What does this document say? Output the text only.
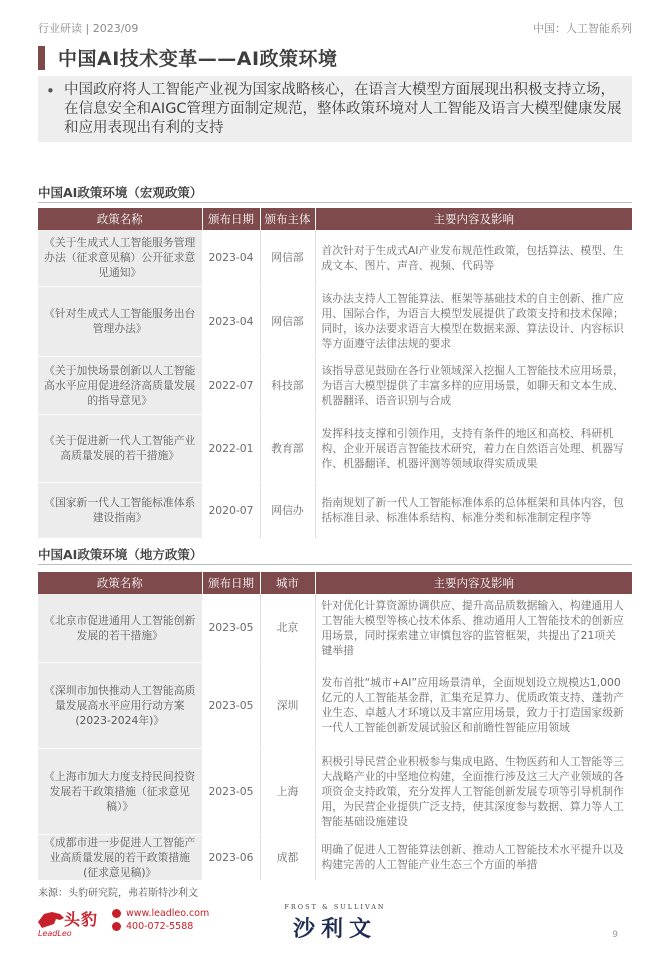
行业研读 | 2023/09	中国：人工智能系列
中国AI技术变革——AI政策环境
• 中国政府将人工智能产业视为国家战略核心，在语言大模型方面展现出积极支持立场，在信息安全和AIGC管理方面制定规范，整体政策环境对人工智能及语言大模型健康发展和应用表现出有利的支持
中国AI政策环境（宏观政策）
政策名称	颁布日期	颁布主体	主要内容及影响
《关于生成式人工智能服务管理办法（征求意见稿）公开征求意见通知》	2023-04	网信部	首次针对于生成式AI产业发布规范性政策，包括算法、模型、生成文本、图片、声音、视频、代码等
《针对生成式人工智能服务出台管理办法》	2023-04	网信部	该办法支持人工智能算法、框架等基础技术的自主创新、推广应用、国际合作，为语言大模型发展提供了政策支持和技术保障；同时，该办法要求语言大模型在数据来源、算法设计、内容标识等方面遵守法律法规的要求
《关于加快场景创新以人工智能高水平应用促进经济高质量发展的指导意见》	2022-07	科技部	该指导意见鼓励在各行业领域深入挖掘人工智能技术应用场景，为语言大模型提供了丰富多样的应用场景，如聊天和文本生成、机器翻译、语音识别与合成
《关于促进新一代人工智能产业高质量发展的若干措施》	2022-01	教育部	发挥科技支撑和引领作用，支持有条件的地区和高校、科研机构、企业开展语言智能技术研究，着力在自然语言处理、机器写作、机器翻译、机器评测等领域取得实质成果
《国家新一代人工智能标准体系建设指南》	2020-07	网信办	指南规划了新一代人工智能标准体系的总体框架和具体内容，包括标准目录、标准体系结构、标准分类和标准制定程序等
中国AI政策环境（地方政策）
政策名称	颁布日期	城市	主要内容及影响
《北京市促进通用人工智能创新发展的若干措施》	2023-05	北京	针对优化计算资源协调供应、提升高品质数据输入、构建通用人工智能大模型等核心技术体系、推动通用人工智能技术的创新应用场景，同时探索建立审慎包容的监管框架，共提出了21项关键举措
《深圳市加快推动人工智能高质量发展高水平应用行动方案(2023-2024年)》	2023-05	深圳	发布首批“城市+AI”应用场景清单，全面规划设立规模达1,000亿元的人工智能基金群，汇集充足算力、优质政策支持、蓬勃产业生态、卓越人才环境以及丰富应用场景，致力于打造国家级新一代人工智能创新发展试验区和前瞻性智能应用领域
《上海市加大力度支持民间投资发展若干政策措施（征求意见稿）》	2023-05	上海	积极引导民营企业积极参与集成电路、生物医药和人工智能等三大战略产业的中坚地位构建，全面推行涉及这三大产业领域的各项资金支持政策，充分发挥人工智能创新发展专项等引导机制作用，为民营企业提供广泛支持，使其深度参与数据、算力等人工智能基础设施建设
《成都市进一步促进人工智能产业高质量发展的若干政策措施(征求意见稿)》	2023-06	成都	明确了促进人工智能算法创新、推动人工智能技术水平提升以及构建完善的人工智能产业生态三个方面的举措
来源：头豹研究院，弗若斯特沙利文
头豹
LeadLeo
www.leadleo.com
400-072-5588
FROST & SULLIVAN
沙利文	9
